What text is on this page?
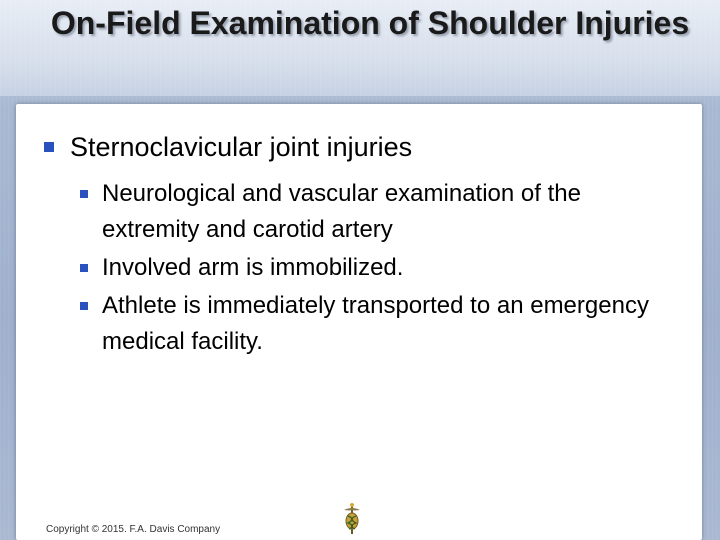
On-Field Examination of Shoulder Injuries
Sternoclavicular joint injuries
Neurological and vascular examination of the extremity and carotid artery
Involved arm is immobilized.
Athlete is immediately transported to an emergency medical facility.
Copyright © 2015. F.A. Davis Company
